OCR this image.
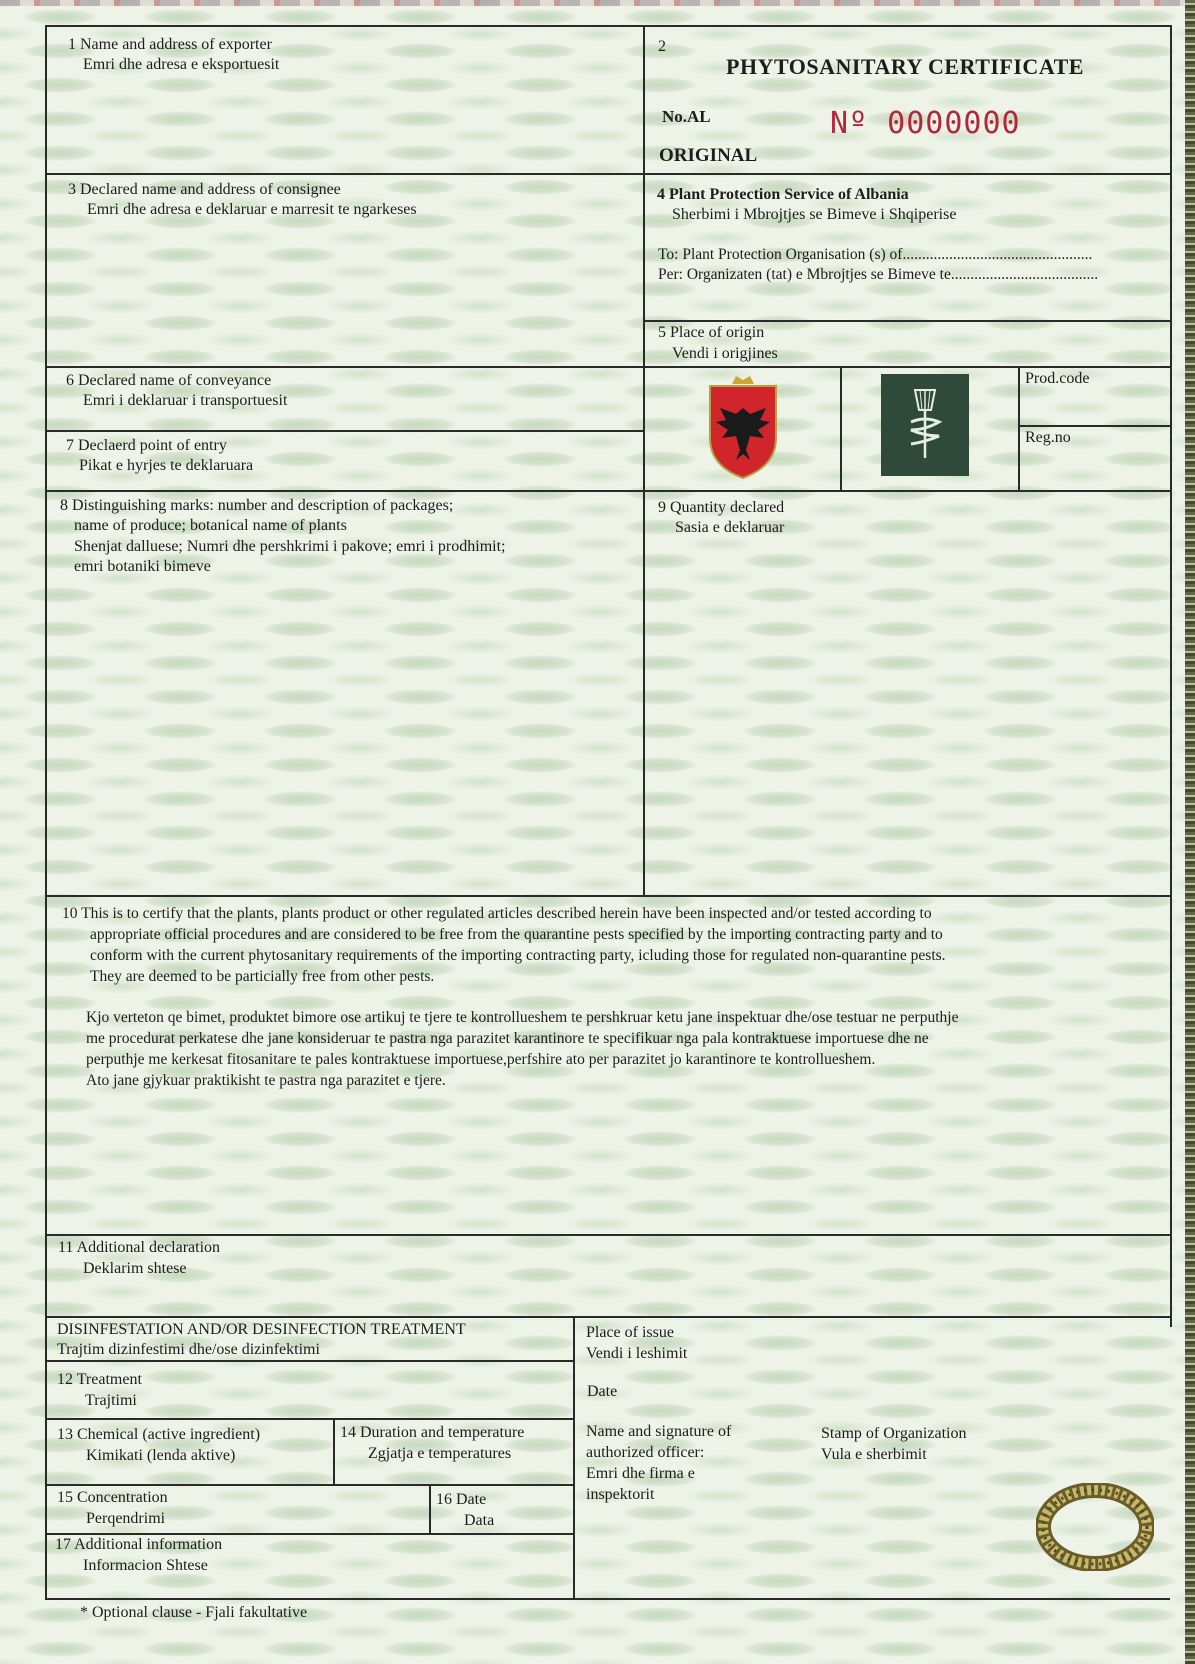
1 Name and address of exporter
Emri dhe adresa e eksportuesit
2
PHYTOSANITARY CERTIFICATE
No.AL	Nº 0000000
ORIGINAL
3 Declared name and address of consignee
Emri dhe adresa e deklaruar e marresit te ngarkeses
4 Plant Protection Service of Albania
Sherbimi i Mbrojtjes se Bimeve i Shqiperise
To: Plant Protection Organisation (s) of.................................................
Per: Organizaten (tat) e Mbrojtjes se Bimeve te......................................
5 Place of origin
Vendi i origjines
6 Declared name of conveyance
Emri i deklaruar i transportuesit
7 Declaerd point of entry
Pikat e hyrjes te deklaruara
Prod.code
Reg.no
8 Distinguishing marks: number and description of packages;
name of produce; botanical name of plants
Shenjat dalluese; Numri dhe pershkrimi i pakove; emri i prodhimit;
emri botaniki bimeve
9 Quantity declared
Sasia e deklaruar
10 This is to certify that the plants, plants product or other regulated articles described herein have been inspected and/or tested according to
appropriate official procedures and are considered to be free from the quarantine pests specified by the importing contracting party and to
conform with the current phytosanitary requirements of the importing contracting party, icluding those for regulated non-quarantine pests.
They are deemed to be particially free from other pests.
Kjo verteton qe bimet, produktet bimore ose artikuj te tjere te kontrollueshem te pershkruar ketu jane inspektuar dhe/ose testuar ne perputhje
me procedurat perkatese dhe jane konsideruar te pastra nga parazitet karantinore te specifikuar nga pala kontraktuese importuese dhe ne
perputhje me kerkesat fitosanitare te pales kontraktuese importuese,perfshire ato per parazitet jo karantinore te kontrollueshem.
Ato jane gjykuar praktikisht te pastra nga parazitet e tjere.
11 Additional declaration
Deklarim shtese
DISINFESTATION AND/OR DESINFECTION TREATMENT
Trajtim dizinfestimi dhe/ose dizinfektimi
12 Treatment
Trajtimi
13 Chemical (active ingredient)
Kimikati (lenda aktive)
14 Duration and temperature
Zgjatja e temperatures
15 Concentration
Perqendrimi
16 Date
Data
17 Additional information
Informacion Shtese
Place of issue
Vendi i leshimit
Date
Name and signature of
authorized officer:
Emri dhe firma e
inspektorit
Stamp of Organization
Vula e sherbimit
* Optional clause - Fjali fakultative
